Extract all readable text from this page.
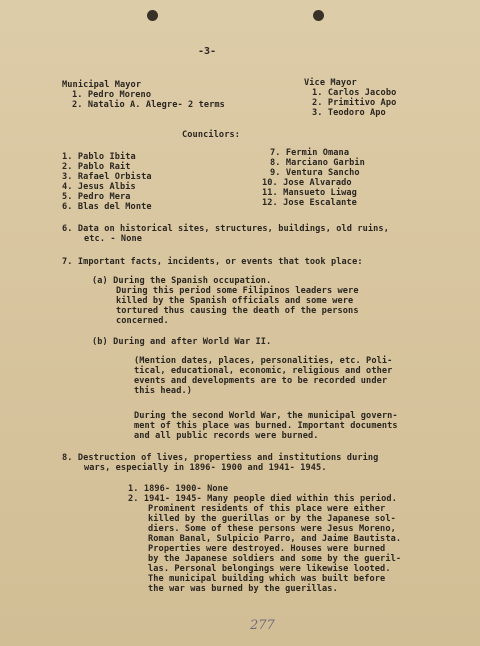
-3-
Municipal Mayor
1. Pedro Moreno
2. Natalio A. Alegre- 2 terms
Vice Mayor
1. Carlos Jacobo
2. Primitivo Apo
3. Teodoro Apo
Councilors:
1. Pablo Ibita
2. Pablo Rait
3. Rafael Orbista
4. Jesus Albis
5. Pedro Mera
6. Blas del Monte
7. Fermin Omana
8. Marciano Garbin
9. Ventura Sancho
10. Jose Alvarado
11. Mansueto Liwag
12. Jose Escalante
6. Data on historical sites, structures, buildings, old ruins,
etc. - None
7. Important facts, incidents, or events that took place:
(a) During the Spanish occupation.
During this period some Filipinos leaders were
killed by the Spanish officials and some were
tortured thus causing the death of the persons
concerned.
(b) During and after World War II.
(Mention dates, places, personalities, etc. Poli-
tical, educational, economic, religious and other
events and developments are to be recorded under
this head.)
During the second World War, the municipal govern-
ment of this place was burned. Important documents
and all public records were burned.
8. Destruction of lives, propertiess and institutions during
wars, especially in 1896- 1900 and 1941- 1945.
1. 1896- 1900- None
2. 1941- 1945- Many people died within this period.
Prominent residents of this place were either
killed by the guerillas or by the Japanese sol-
diers. Some of these persons were Jesus Moreno,
Roman Banal, Sulpicio Parro, and Jaime Bautista.
Properties were destroyed. Houses were burned
by the Japanese soldiers and some by the gueril-
las. Personal belongings were likewise looted.
The municipal building which was built before
the war was burned by the guerillas.
277
